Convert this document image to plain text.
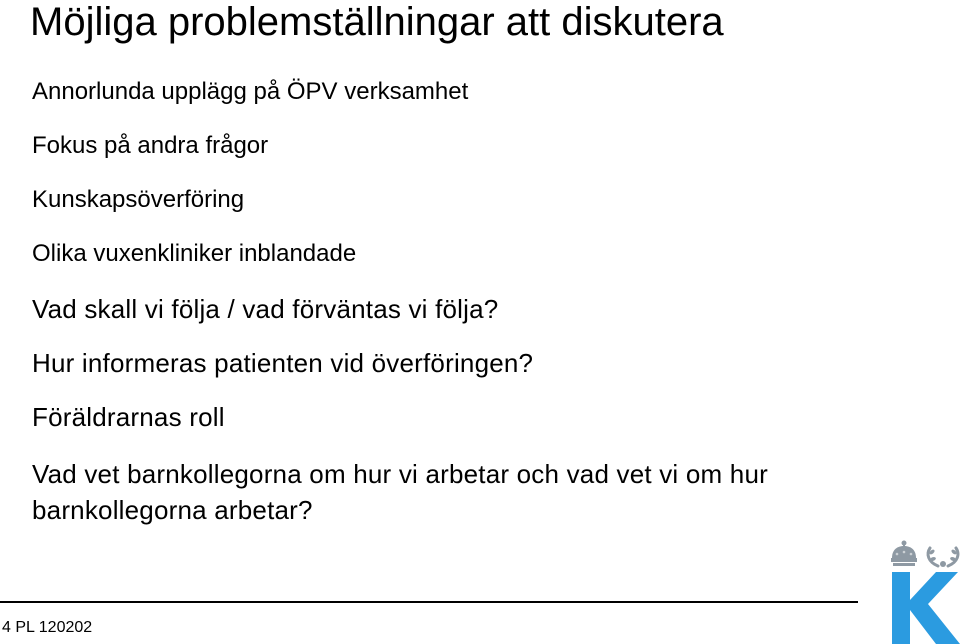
Möjliga problemställningar att diskutera
Annorlunda upplägg på ÖPV verksamhet
Fokus på andra frågor
Kunskapsöverföring
Olika vuxenkliniker inblandade
Vad skall vi följa / vad förväntas vi följa?
Hur informeras patienten vid överföringen?
Föräldrarnas roll
Vad vet barnkollegorna om hur vi arbetar och vad vet vi om hur barnkollegorna arbetar?
4 PL 120202
